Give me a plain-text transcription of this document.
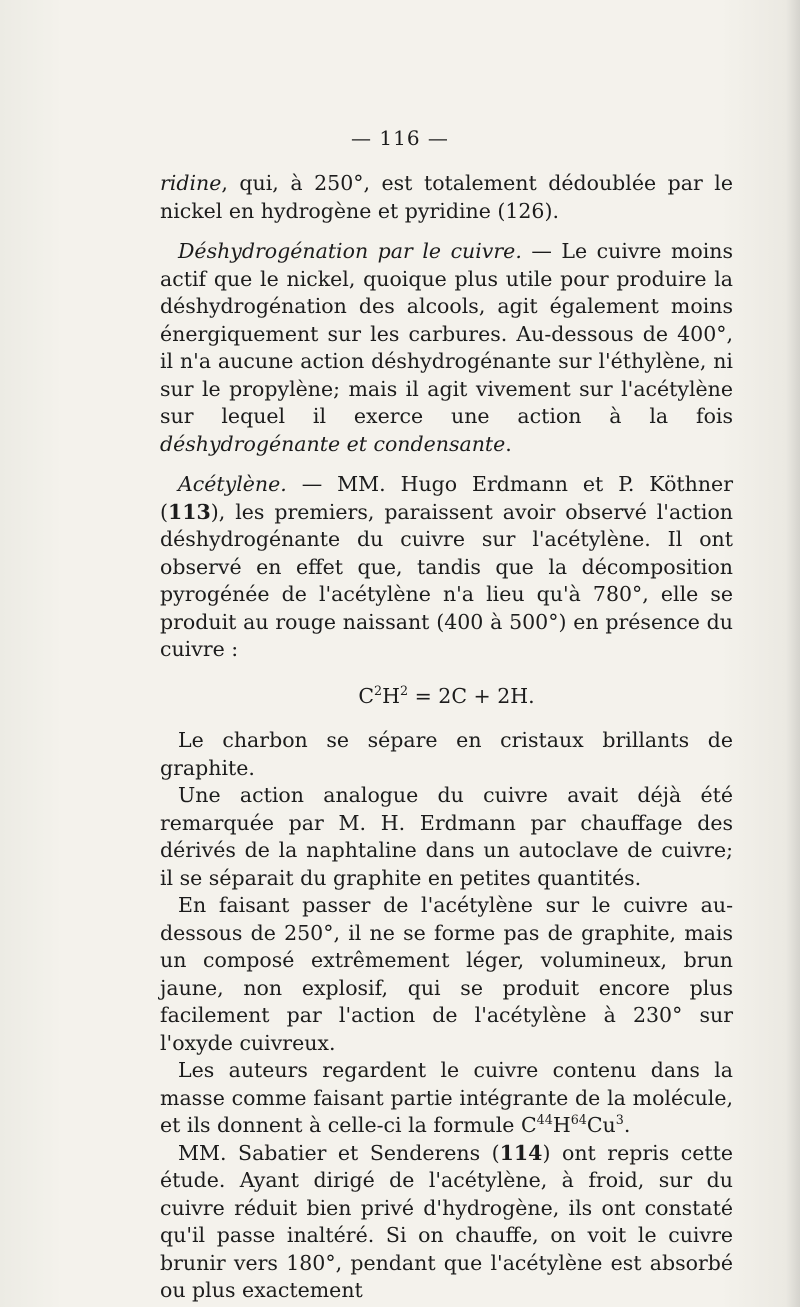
— 116 —

ridine, qui, à 250°, est totalement dédoublée par le nickel en hydrogène et pyridine (126).

Déshydrogénation par le cuivre. — Le cuivre moins actif que le nickel, quoique plus utile pour produire la déshydrogénation des alcools, agit également moins énergiquement sur les carbures. Au-dessous de 400°, il n'a aucune action déshydrogénante sur l'éthylène, ni sur le propylène; mais il agit vivement sur l'acétylène sur lequel il exerce une action à la fois déshydrogénante et condensante.

Acétylène. — MM. Hugo Erdmann et P. Köthner (113), les premiers, paraissent avoir observé l'action déshydrogénante du cuivre sur l'acétylène. Il ont observé en effet que, tandis que la décomposition pyrogénée de l'acétylène n'a lieu qu'à 780°, elle se produit au rouge naissant (400 à 500°) en présence du cuivre :

$C^2H^2 = 2C + 2H$.

Le charbon se sépare en cristaux brillants de graphite.

Une action analogue du cuivre avait déjà été remarquée par M. H. Erdmann par chauffage des dérivés de la naphtaline dans un autoclave de cuivre; il se séparait du graphite en petites quantités.

En faisant passer de l'acétylène sur le cuivre au-dessous de 250°, il ne se forme pas de graphite, mais un composé extrêmement léger, volumineux, brun jaune, non explosif, qui se produit encore plus facilement par l'action de l'acétylène à 230° sur l'oxyde cuivreux.

Les auteurs regardent le cuivre contenu dans la masse comme faisant partie intégrante de la molécule, et ils donnent à celle-ci la formule $C^{44}H^{64}Cu^3$.

MM. Sabatier et Senderens (114) ont repris cette étude. Ayant dirigé de l'acétylène, à froid, sur du cuivre réduit bien privé d'hydrogène, ils ont constaté qu'il passe inaltéré. Si on chauffe, on voit le cuivre brunir vers 180°, pendant que l'acétylène est absorbé ou plus exactement
